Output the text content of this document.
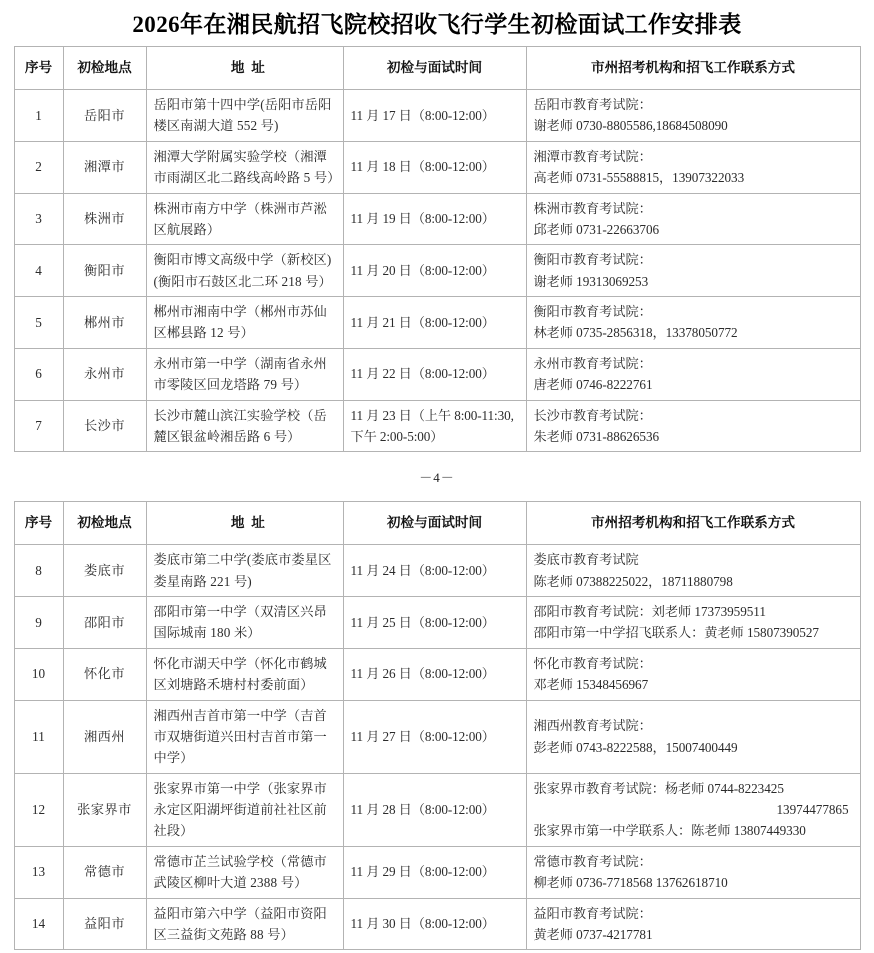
2026年在湘民航招飞院校招收飞行学生初检面试工作安排表
序号	初检地点	地址	初检与面试时间	市州招考机构和招飞工作联系方式
1	岳阳市	岳阳市第十四中学(岳阳市岳阳楼区南湖大道 552 号)	11 月 17 日（8:00-12:00）	岳阳市教育考试院：
谢老师 0730-8805586,18684508090

2	湘潭市	湘潭大学附属实验学校（湘潭市雨湖区北二路线高岭路 5 号）	11 月 18 日（8:00-12:00）	湘潭市教育考试院：
高老师 0731-55588815，13907322033

3	株洲市	株洲市南方中学（株洲市芦淞区航展路）	11 月 19 日（8:00-12:00）	株洲市教育考试院：
邱老师 0731-22663706

4	衡阳市	衡阳市博文高级中学（新校区)(衡阳市石鼓区北二环 218 号）	11 月 20 日（8:00-12:00）	衡阳市教育考试院：
谢老师 19313069253

5	郴州市	郴州市湘南中学（郴州市苏仙区郴县路 12 号）	11 月 21 日（8:00-12:00）	衡阳市教育考试院：
林老师 0735-2856318，13378050772

6	永州市	永州市第一中学（湖南省永州市零陵区回龙塔路 79 号）	11 月 22 日（8:00-12:00）	永州市教育考试院：
唐老师 0746-8222761

7	长沙市	长沙市麓山滨江实验学校（岳麓区银盆岭湘岳路 6 号）	11 月 23 日（上午 8:00-11:30,
下午 2:00-5:00）	长沙市教育考试院：
朱老师 0731-88626536
－4－
序号	初检地点	地址	初检与面试时间	市州招考机构和招飞工作联系方式
8	娄底市	娄底市第二中学(娄底市娄星区娄星南路 221 号)	11 月 24 日（8:00-12:00）	娄底市教育考试院
陈老师 07388225022，18711880798

9	邵阳市	邵阳市第一中学（双清区兴昂国际城南 180 米）	11 月 25 日（8:00-12:00）	邵阳市教育考试院：刘老师 17373959511
邵阳市第一中学招飞联系人：黄老师 15807390527

10	怀化市	怀化市湖天中学（怀化市鹤城区刘塘路禾塘村村委前面）	11 月 26 日（8:00-12:00）	怀化市教育考试院：
邓老师 15348456967

11	湘西州	湘西州吉首市第一中学（吉首市双塘街道兴田村吉首市第一中学）	11 月 27 日（8:00-12:00）	湘西州教育考试院：
彭老师 0743-8222588，15007400449

12	张家界市	张家界市第一中学（张家界市永定区阳湖坪街道前社社区前社段）	11 月 28 日（8:00-12:00）	张家界市教育考试院：杨老师 0744-8223425
13974477865
张家界市第一中学联系人：陈老师 13807449330

13	常德市	常德市芷兰试验学校（常德市武陵区柳叶大道 2388 号）	11 月 29 日（8:00-12:00）	常德市教育考试院：
柳老师 0736-7718568 13762618710

14	益阳市	益阳市第六中学（益阳市资阳区三益街文苑路 88 号）	11 月 30 日（8:00-12:00）	益阳市教育考试院：
黄老师 0737-4217781
